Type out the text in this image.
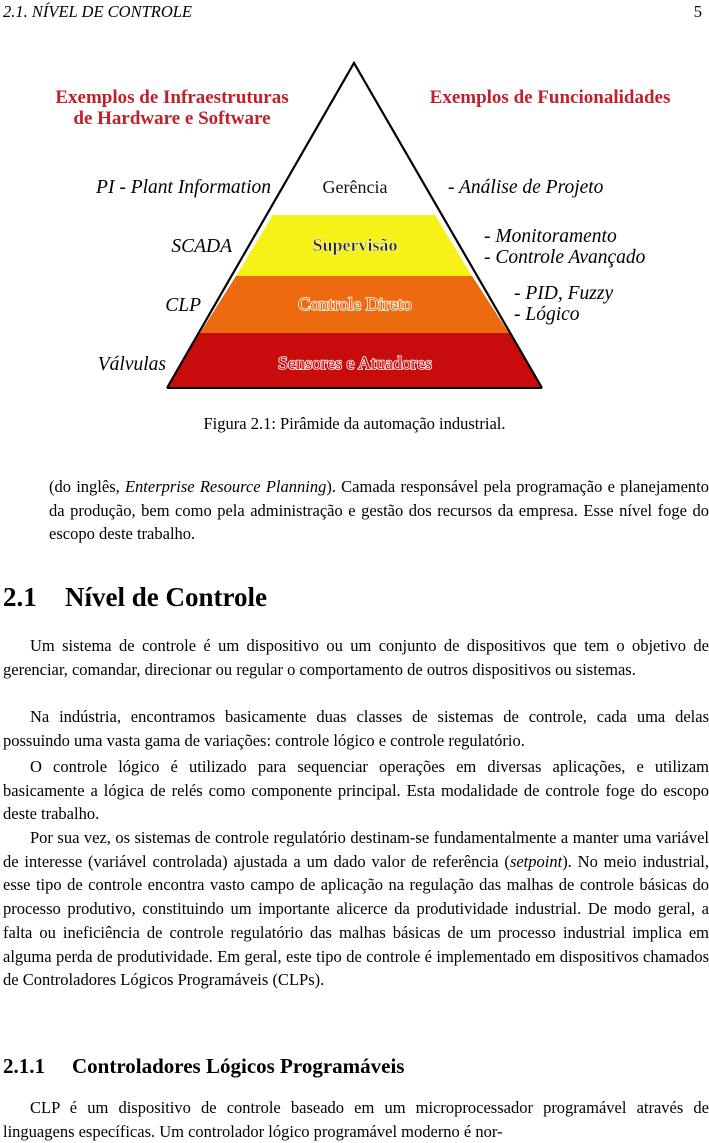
2.1. NÍVEL DE CONTROLE	5
Exemplos de Infraestruturas
de Hardware e Software
Exemplos de Funcionalidades
Gerência
Supervisão
Controle Direto
Sensores e Atuadores
PI - Plant Information
SCADA
CLP
Válvulas
- Análise de Projeto
- Monitoramento
- Controle Avançado
- PID, Fuzzy
- Lógico
Figura 2.1: Pirâmide da automação industrial.

(do inglês, Enterprise Resource Planning). Camada responsável pela programação e planejamento da produção, bem como pela administração e gestão dos recursos da empresa. Esse nível foge do escopo deste trabalho.

2.1 Nível de Controle

Um sistema de controle é um dispositivo ou um conjunto de dispositivos que tem o objetivo de gerenciar, comandar, direcionar ou regular o comportamento de outros dispositivos ou sistemas.

Na indústria, encontramos basicamente duas classes de sistemas de controle, cada uma delas possuindo uma vasta gama de variações: controle lógico e controle regulatório.

O controle lógico é utilizado para sequenciar operações em diversas aplicações, e utilizam basicamente a lógica de relés como componente principal. Esta modalidade de controle foge do escopo deste trabalho.

Por sua vez, os sistemas de controle regulatório destinam-se fundamentalmente a manter uma variável de interesse (variável controlada) ajustada a um dado valor de referência (setpoint). No meio industrial, esse tipo de controle encontra vasto campo de aplicação na regulação das malhas de controle básicas do processo produtivo, constituindo um importante alicerce da produtividade industrial. De modo geral, a falta ou ineficiência de controle regulatório das malhas básicas de um processo industrial implica em alguma perda de produtividade. Em geral, este tipo de controle é implementado em dispositivos chamados de Controladores Lógicos Programáveis (CLPs).

2.1.1 Controladores Lógicos Programáveis

CLP é um dispositivo de controle baseado em um microprocessador programável através de linguagens específicas. Um controlador lógico programável moderno é nor-
